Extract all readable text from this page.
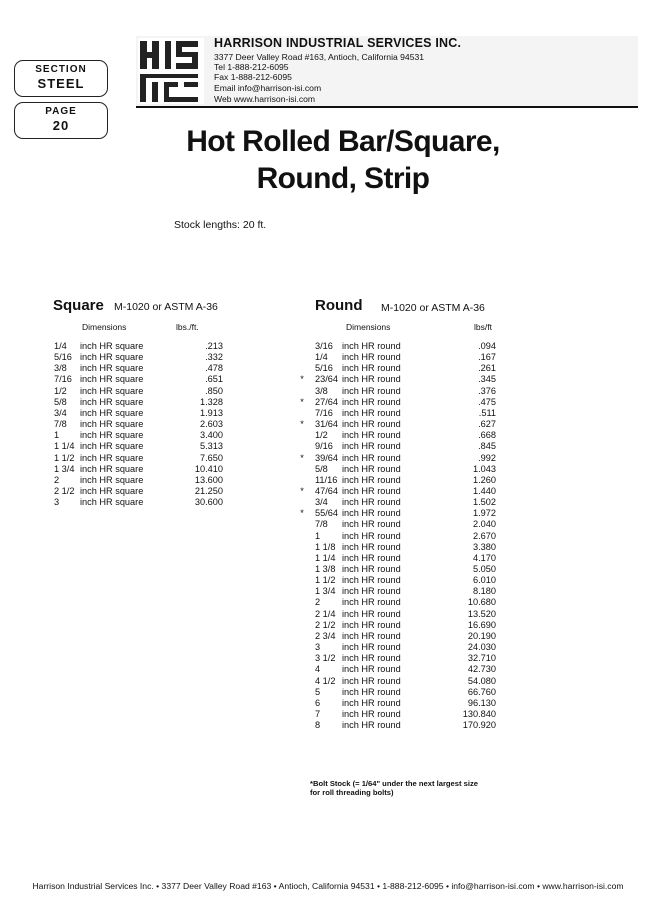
SECTION
STEEL
PAGE
20
HARRISON INDUSTRIAL SERVICES INC.
3377 Deer Valley Road #163, Antioch, California 94531
Tel 1-888-212-6095
Fax 1-888-212-6095
Email info@harrison-isi.com
Web www.harrison-isi.com
Hot Rolled Bar/Square,
Round, Strip
Stock lengths: 20 ft.
Square M-1020 or ASTM A-36
Dimensions	lbs./ft.
1/4 inch HR square	.213
5/16 inch HR square	.332
3/8 inch HR square	.478
7/16 inch HR square	.651
1/2 inch HR square	.850
5/8 inch HR square	1.328
3/4 inch HR square	1.913
7/8 inch HR square	2.603
1 inch HR square	3.400
1 1/4 inch HR square	5.313
1 1/2 inch HR square	7.650
1 3/4 inch HR square	10.410
2 inch HR square	13.600
2 1/2 inch HR square	21.250
3 inch HR square	30.600
Round M-1020 or ASTM A-36
Dimensions	lbs/ft
3/16 inch HR round	.094
1/4 inch HR round	.167
5/16 inch HR round	.261
* 23/64 inch HR round	.345
3/8 inch HR round	.376
* 27/64 inch HR round	.475
7/16 inch HR round	.511
* 31/64 inch HR round	.627
1/2 inch HR round	.668
9/16 inch HR round	.845
* 39/64 inch HR round	.992
5/8 inch HR round	1.043
11/16 inch HR round	1.260
* 47/64 inch HR round	1.440
3/4 inch HR round	1.502
* 55/64 inch HR round	1.972
7/8 inch HR round	2.040
1 inch HR round	2.670
1 1/8 inch HR round	3.380
1 1/4 inch HR round	4.170
1 3/8 inch HR round	5.050
1 1/2 inch HR round	6.010
1 3/4 inch HR round	8.180
2 inch HR round	10.680
2 1/4 inch HR round	13.520
2 1/2 inch HR round	16.690
2 3/4 inch HR round	20.190
3 inch HR round	24.030
3 1/2 inch HR round	32.710
4 inch HR round	42.730
4 1/2 inch HR round	54.080
5 inch HR round	66.760
6 inch HR round	96.130
7 inch HR round	130.840
8 inch HR round	170.920
*Bolt Stock (= 1/64" under the next largest size
for roll threading bolts)
Harrison Industrial Services Inc. • 3377 Deer Valley Road #163 • Antioch, California 94531 • 1-888-212-6095 • info@harrison-isi.com • www.harrison-isi.com
